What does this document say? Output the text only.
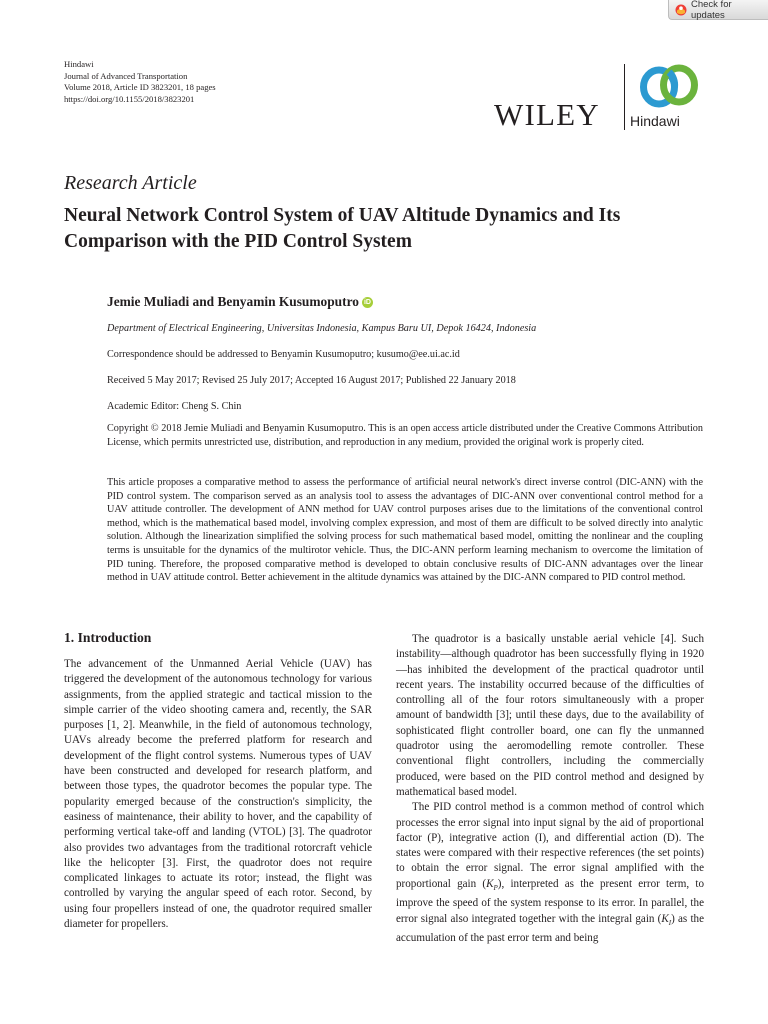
Check for updates
Hindawi
Journal of Advanced Transportation
Volume 2018, Article ID 3823201, 18 pages
https://doi.org/10.1155/2018/3823201	WILEY Hindawi
Research Article
Neural Network Control System of UAV Altitude Dynamics and Its Comparison with the PID Control System
Jemie Muliadi and Benyamin Kusumoputro iD
Department of Electrical Engineering, Universitas Indonesia, Kampus Baru UI, Depok 16424, Indonesia
Correspondence should be addressed to Benyamin Kusumoputro; kusumo@ee.ui.ac.id
Received 5 May 2017; Revised 25 July 2017; Accepted 16 August 2017; Published 22 January 2018
Academic Editor: Cheng S. Chin
Copyright © 2018 Jemie Muliadi and Benyamin Kusumoputro. This is an open access article distributed under the Creative Commons Attribution License, which permits unrestricted use, distribution, and reproduction in any medium, provided the original work is properly cited.
This article proposes a comparative method to assess the performance of artificial neural network's direct inverse control (DIC-ANN) with the PID control system. The comparison served as an analysis tool to assess the advantages of DIC-ANN over conventional control method for a UAV attitude controller. The development of ANN method for UAV control purposes arises due to the limitations of the conventional control method, which is the mathematical based model, involving complex expression, and most of them are difficult to be solved directly into analytic solution. Although the linearization simplified the solving process for such mathematical based model, omitting the nonlinear and the coupling terms is unsuitable for the dynamics of the multirotor vehicle. Thus, the DIC-ANN perform learning mechanism to overcome the limitation of PID tuning. Therefore, the proposed comparative method is developed to obtain conclusive results of DIC-ANN advantages over the linear method in UAV attitude control. Better achievement in the altitude dynamics was attained by the DIC-ANN compared to PID control method.
1. Introduction

The advancement of the Unmanned Aerial Vehicle (UAV) has triggered the development of the autonomous technology for various assignments, from the applied strategic and tactical mission to the simple carrier of the video shooting camera and, recently, the SAR purposes [1, 2]. Meanwhile, in the field of autonomous technology, UAVs already become the preferred platform for research and development of the flight control systems. Numerous types of UAV have been constructed and developed for research platform, and between those types, the quadrotor becomes the popular type. The popularity emerged because of the construction's simplicity, the easiness of maintenance, their ability to hover, and the capability of performing vertical take-off and landing (VTOL) [3]. The quadrotor also provides two advantages from the traditional rotorcraft vehicle like the helicopter [3]. First, the quadrotor does not require complicated linkages to actuate its rotor; instead, the flight was controlled by varying the angular speed of each rotor. Second, by using four propellers instead of one, the quadrotor required smaller diameter for propellers.

The quadrotor is a basically unstable aerial vehicle [4]. Such instability—although quadrotor has been successfully flying in 1920—has inhibited the development of the practical quadrotor until recent years. The instability occurred because of the difficulties of controlling all of the four rotors simultaneously with a proper amount of bandwidth [3]; until these days, due to the availability of sophisticated flight controller board, one can fly the unmanned quadrotor using the aeromodelling remote controller. These conventional flight controllers, including the commercially produced, were based on the PID control method and designed by mathematical based model.

The PID control method is a common method of control which processes the error signal into input signal by the aid of proportional factor (P), integrative action (I), and differential action (D). The states were compared with their respective references (the set points) to obtain the error signal. The error signal amplified with the proportional gain $(K_P)$, interpreted as the present error term, to improve the speed of the system response to its error. In parallel, the error signal also integrated together with the integral gain $(K_I)$ as the accumulation of the past error term and being
